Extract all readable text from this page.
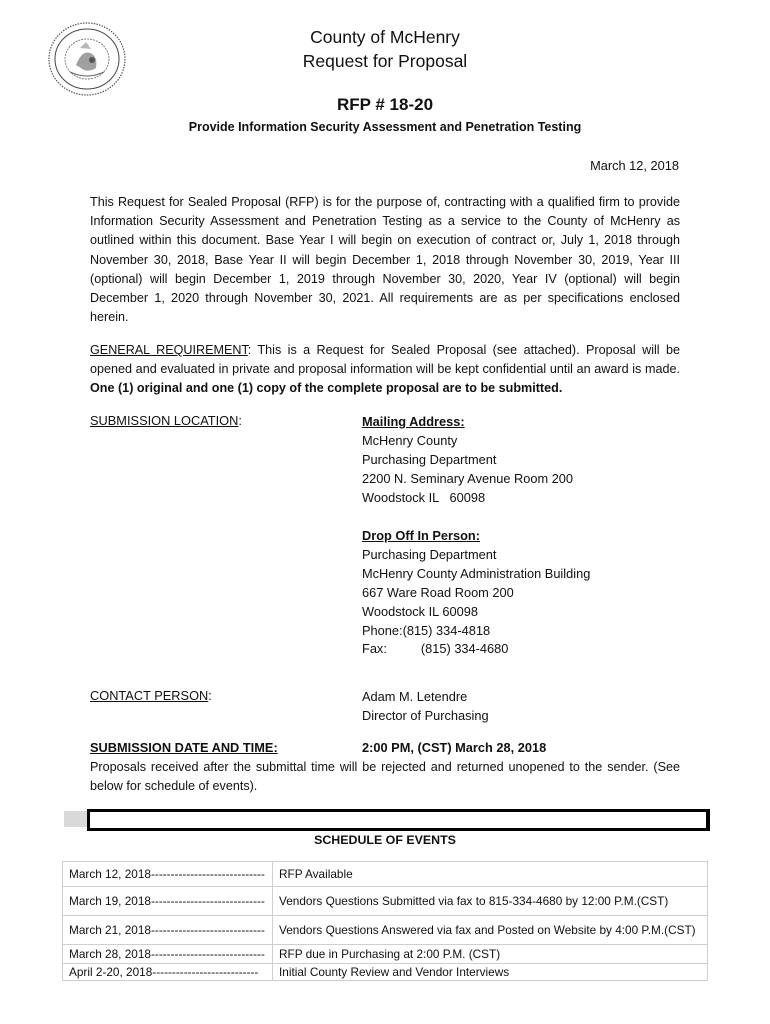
County of McHenry
Request for Proposal
RFP # 18-20
Provide Information Security Assessment and Penetration Testing
March 12, 2018
This Request for Sealed Proposal (RFP) is for the purpose of, contracting with a qualified firm to provide Information Security Assessment and Penetration Testing as a service to the County of McHenry as outlined within this document. Base Year I will begin on execution of contract or, July 1, 2018 through November 30, 2018, Base Year II will begin December 1, 2018 through November 30, 2019, Year III (optional) will begin December 1, 2019 through November 30, 2020, Year IV (optional) will begin December 1, 2020 through November 30, 2021. All requirements are as per specifications enclosed herein.
GENERAL REQUIREMENT: This is a Request for Sealed Proposal (see attached). Proposal will be opened and evaluated in private and proposal information will be kept confidential until an award is made. One (1) original and one (1) copy of the complete proposal are to be submitted.
SUBMISSION LOCATION:	Mailing Address:
McHenry County
Purchasing Department
2200 N. Seminary Avenue Room 200
Woodstock IL   60098
Drop Off In Person:
Purchasing Department
McHenry County Administration Building
667 Ware Road Room 200
Woodstock IL 60098
Phone:(815) 334-4818
Fax:	(815) 334-4680
CONTACT PERSON:	Adam M. Letendre
Director of Purchasing
SUBMISSION DATE AND TIME:	2:00 PM, (CST) March 28, 2018
Proposals received after the submittal time will be rejected and returned unopened to the sender. (See below for schedule of events).
SCHEDULE OF EVENTS
March 12, 2018-----------------------------	RFP Available
March 19, 2018-----------------------------	Vendors Questions Submitted via fax to 815-334-4680 by 12:00 P.M.(CST)
March 21, 2018-----------------------------	Vendors Questions Answered via fax and Posted on Website by 4:00 P.M.(CST)
March 28, 2018-----------------------------	RFP due in Purchasing at 2:00 P.M. (CST)
April 2-20, 2018---------------------------	Initial County Review and Vendor Interviews
